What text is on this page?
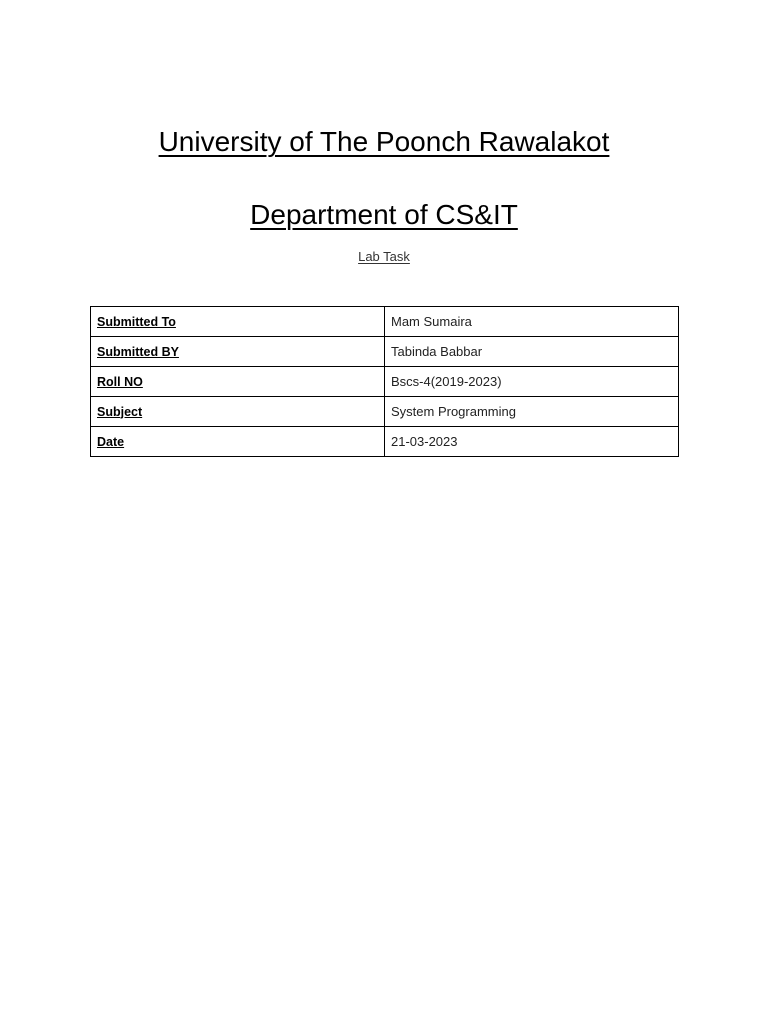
University of The Poonch Rawalakot
Department of CS&IT
Lab Task
Submitted To	Mam Sumaira
Submitted BY	Tabinda Babbar
Roll NO	Bscs-4(2019-2023)
Subject	System Programming
Date	21-03-2023
